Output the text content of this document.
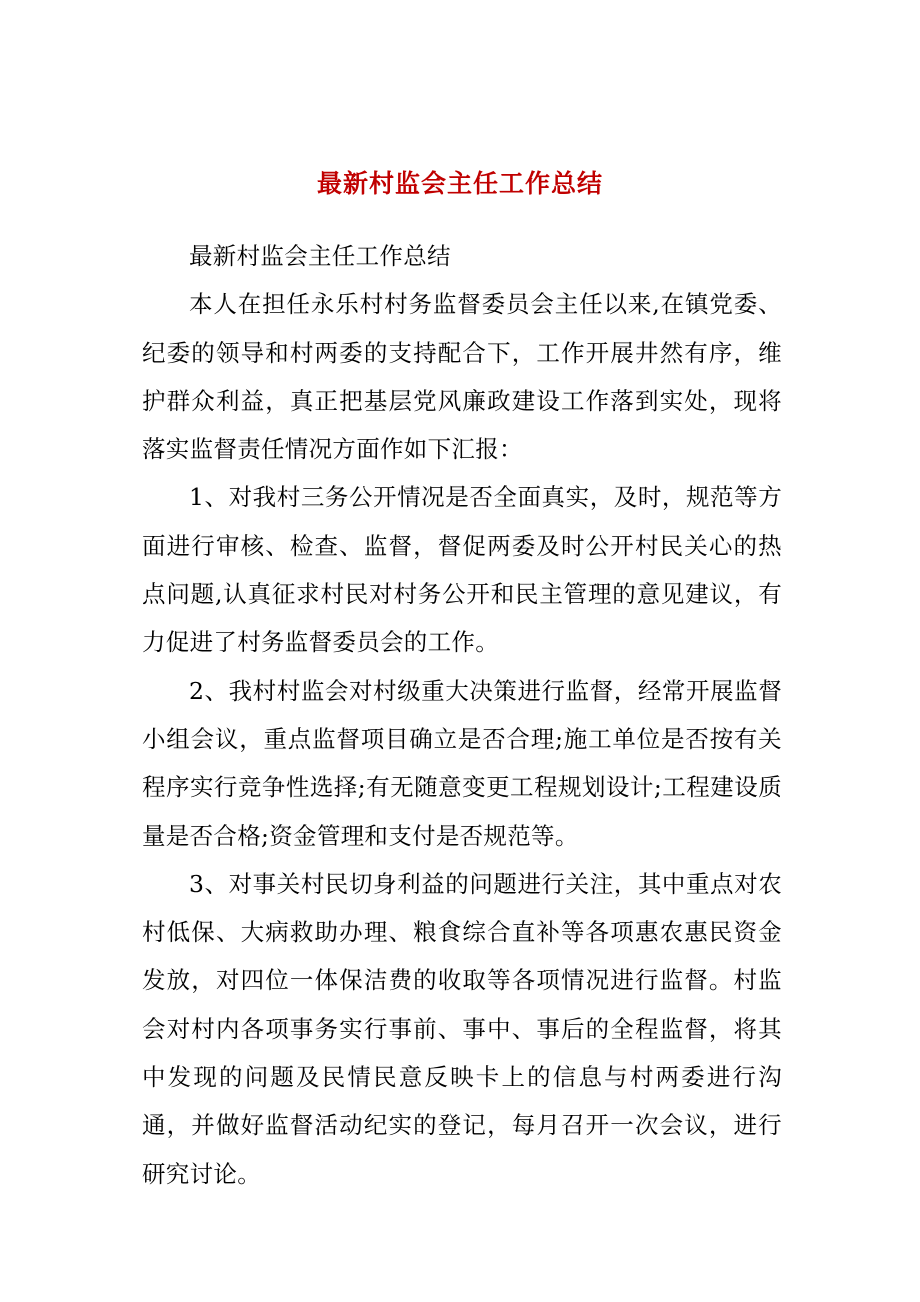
最新村监会主任工作总结

最新村监会主任工作总结

本人在担任永乐村村务监督委员会主任以来,在镇党委、纪委的领导和村两委的支持配合下，工作开展井然有序，维护群众利益，真正把基层党风廉政建设工作落到实处，现将落实监督责任情况方面作如下汇报：

1、对我村三务公开情况是否全面真实，及时，规范等方面进行审核、检查、监督，督促两委及时公开村民关心的热点问题,认真征求村民对村务公开和民主管理的意见建议，有力促进了村务监督委员会的工作。

2、我村村监会对村级重大决策进行监督，经常开展监督小组会议，重点监督项目确立是否合理;施工单位是否按有关程序实行竞争性选择;有无随意变更工程规划设计;工程建设质量是否合格;资金管理和支付是否规范等。

3、对事关村民切身利益的问题进行关注，其中重点对农村低保、大病救助办理、粮食综合直补等各项惠农惠民资金发放，对四位一体保洁费的收取等各项情况进行监督。村监会对村内各项事务实行事前、事中、事后的全程监督，将其中发现的问题及民情民意反映卡上的信息与村两委进行沟通，并做好监督活动纪实的登记，每月召开一次会议，进行研究讨论。
